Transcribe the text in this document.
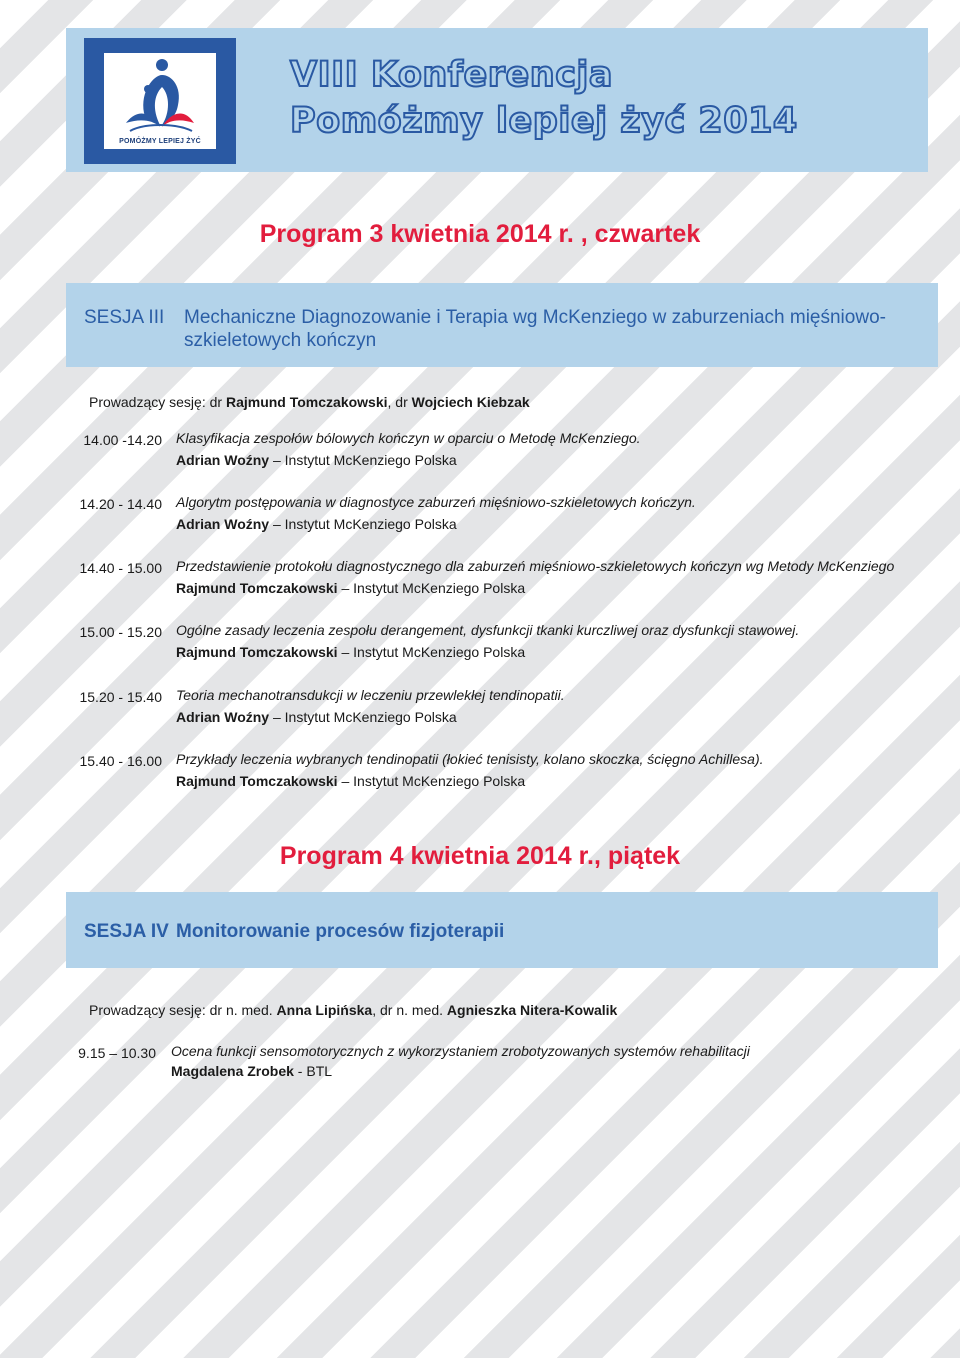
POMÓŻMY LEPIEJ ŻYĆ
VIII Konferencja
Pomóżmy lepiej żyć 2014
Program 3 kwietnia 2014 r. , czwartek
SESJA III Mechaniczne Diagnozowanie i Terapia wg McKenziego w zaburzeniach mięśniowo-szkieletowych kończyn
Prowadzący sesję: dr Rajmund Tomczakowski, dr Wojciech Kiebzak
14.00 -14.20 Klasyfikacja zespołów bólowych kończyn w oparciu o Metodę McKenziego.
Adrian Woźny – Instytut McKenziego Polska
14.20 - 14.40 Algorytm postępowania w diagnostyce zaburzeń mięśniowo-szkieletowych kończyn.
Adrian Woźny – Instytut McKenziego Polska
14.40 - 15.00 Przedstawienie protokołu diagnostycznego dla zaburzeń mięśniowo-szkieletowych kończyn wg Metody McKenziego
Rajmund Tomczakowski – Instytut McKenziego Polska
15.00 - 15.20 Ogólne zasady leczenia zespołu derangement, dysfunkcji tkanki kurczliwej oraz dysfunkcji stawowej.
Rajmund Tomczakowski – Instytut McKenziego Polska
15.20 - 15.40 Teoria mechanotransdukcji w leczeniu przewlekłej tendinopatii.
Adrian Woźny – Instytut McKenziego Polska
15.40 - 16.00 Przykłady leczenia wybranych tendinopatii (łokieć tenisisty, kolano skoczka, ścięgno Achillesa).
Rajmund Tomczakowski – Instytut McKenziego Polska
Program 4 kwietnia 2014 r., piątek
SESJA IV Monitorowanie procesów fizjoterapii
Prowadzący sesję: dr n. med. Anna Lipińska, dr n. med. Agnieszka Nitera-Kowalik
9.15 – 10.30 Ocena funkcji sensomotorycznych z wykorzystaniem zrobotyzowanych systemów rehabilitacji
Magdalena Zrobek - BTL
